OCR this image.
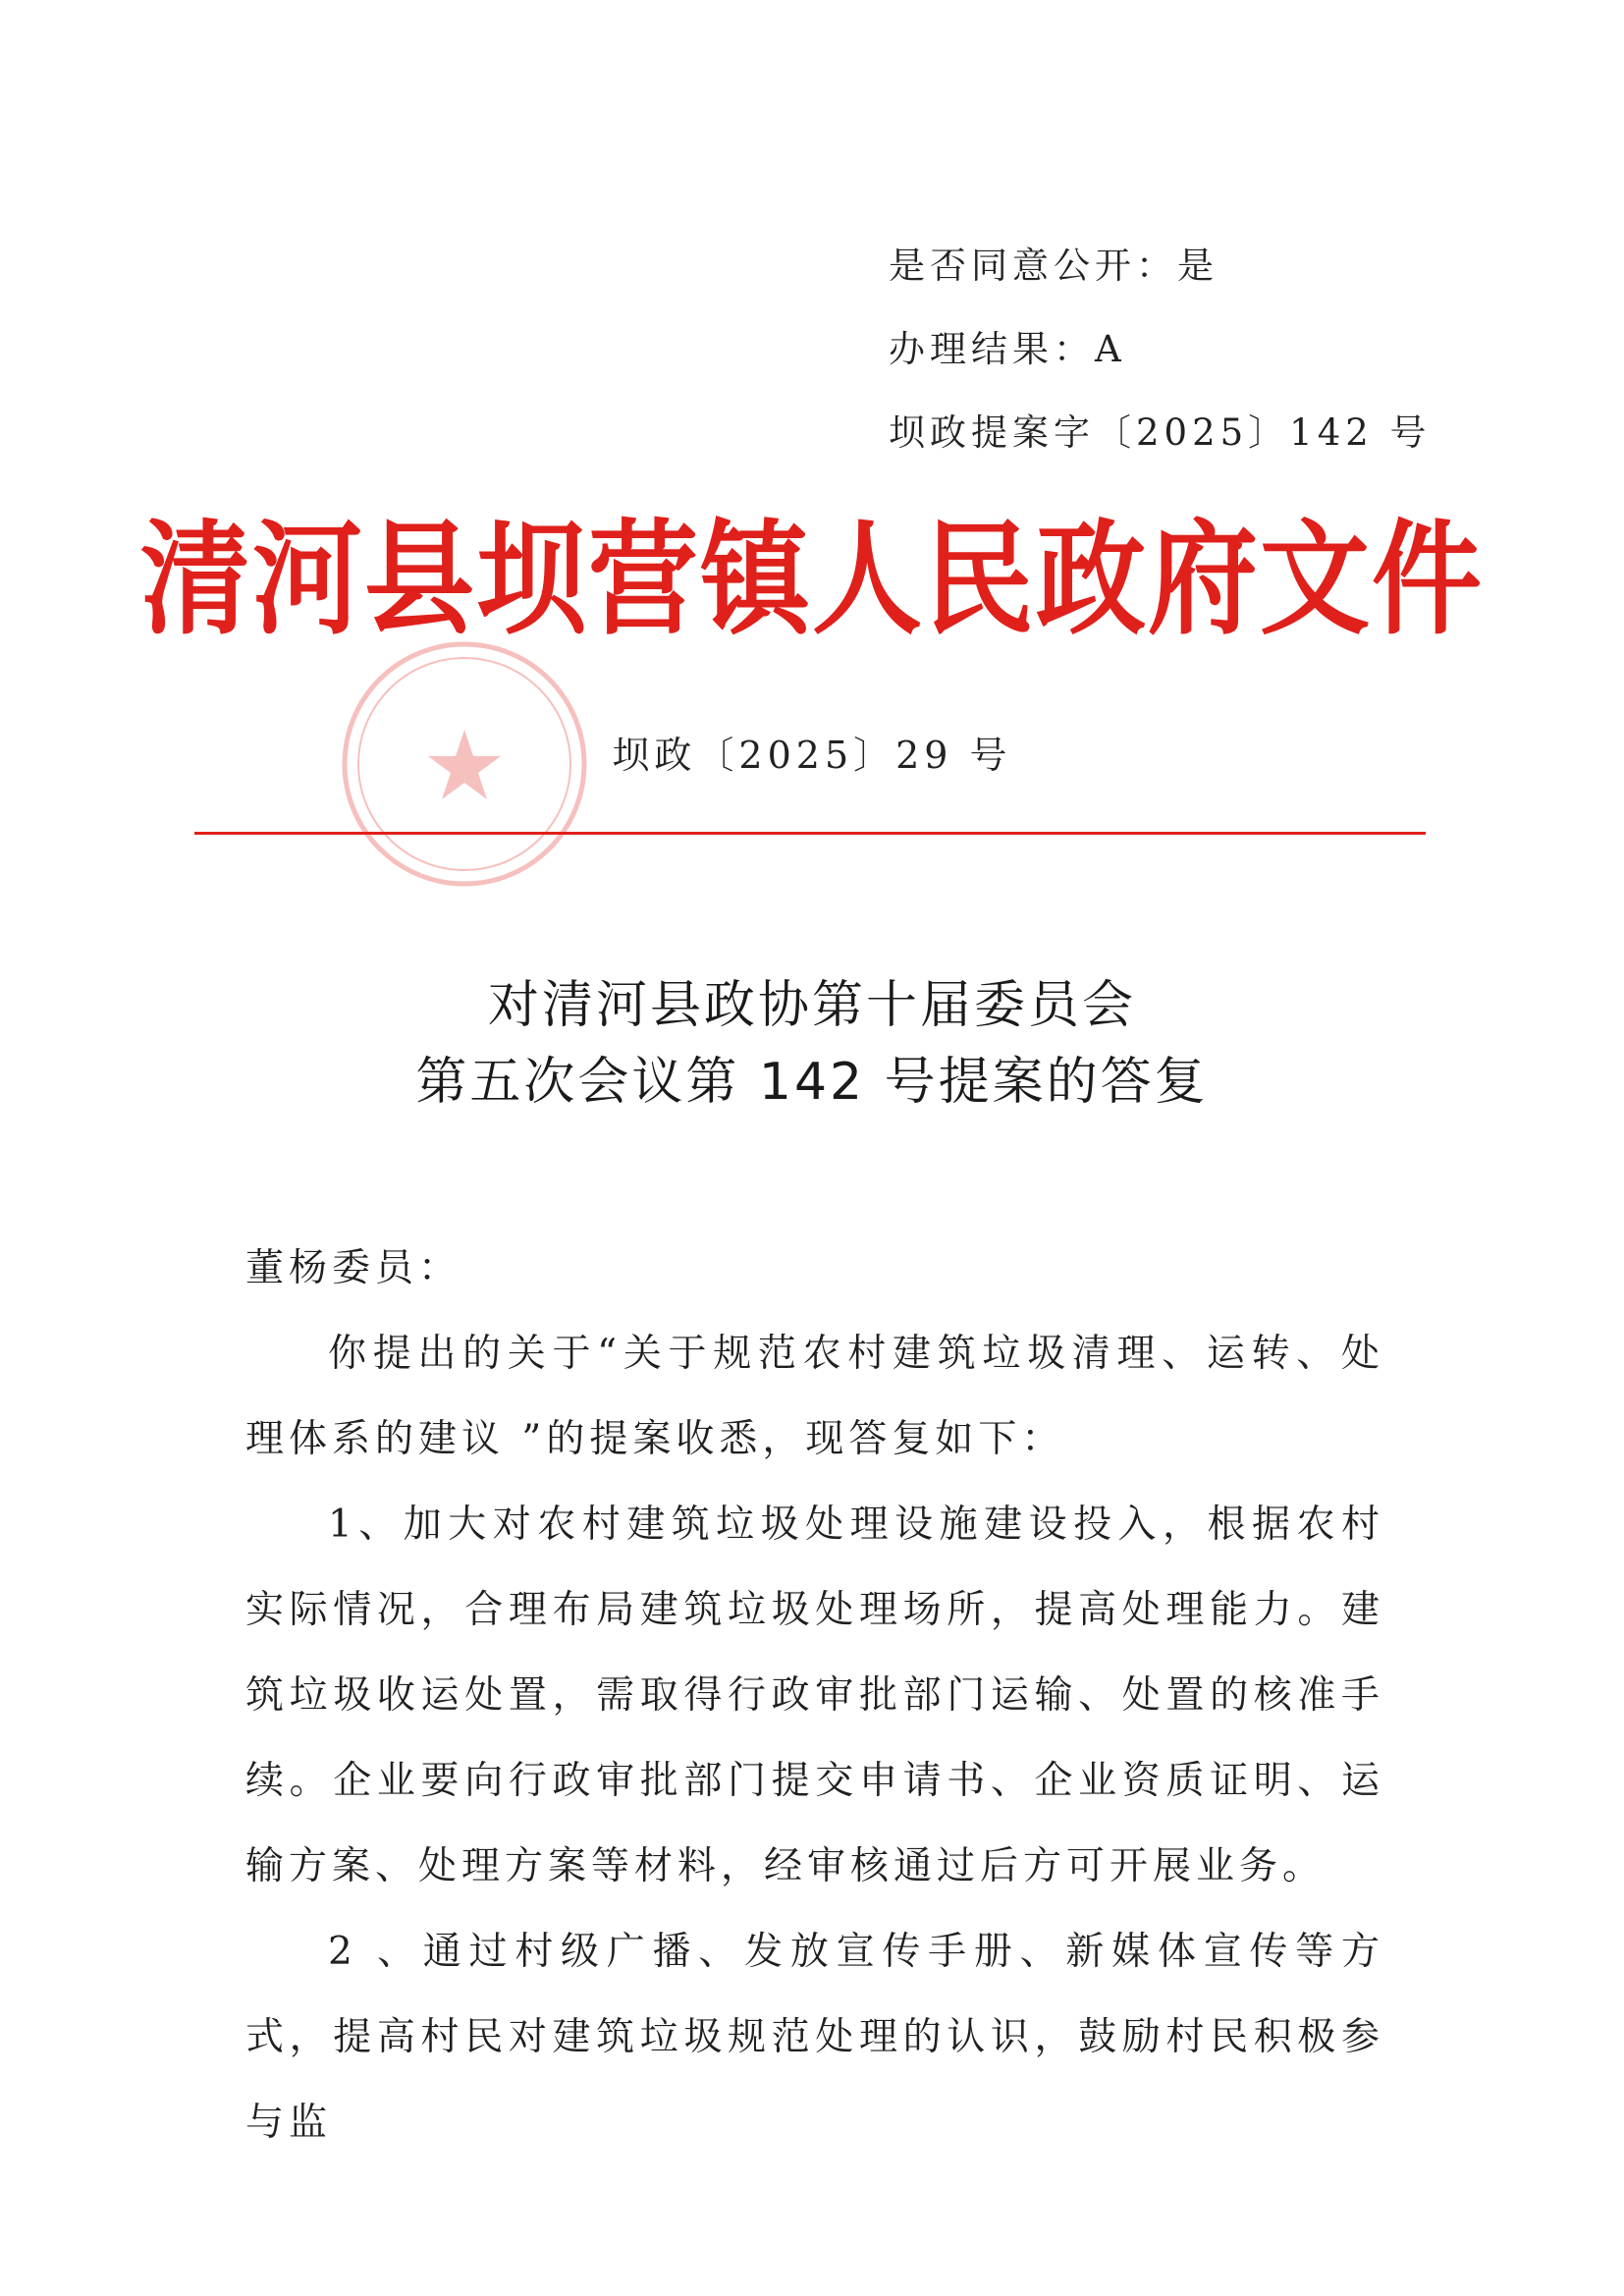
是否同意公开：是
办理结果：A
坝政提案字〔2025〕142 号
清河县坝营镇人民政府文件
坝政〔2025〕29 号
对清河县政协第十届委员会
第五次会议第 142 号提案的答复

董杨委员：

你提出的关于“关于规范农村建筑垃圾清理、运转、处理体系的建议 ”的提案收悉，现答复如下：

1、加大对农村建筑垃圾处理设施建设投入，根据农村实际情况，合理布局建筑垃圾处理场所，提高处理能力。建筑垃圾收运处置，需取得行政审批部门运输、处置的核准手续。企业要向行政审批部门提交申请书、企业资质证明、运输方案、处理方案等材料，经审核通过后方可开展业务。

2 、通过村级广播、发放宣传手册、新媒体宣传等方式，提高村民对建筑垃圾规范处理的认识，鼓励村民积极参与监
